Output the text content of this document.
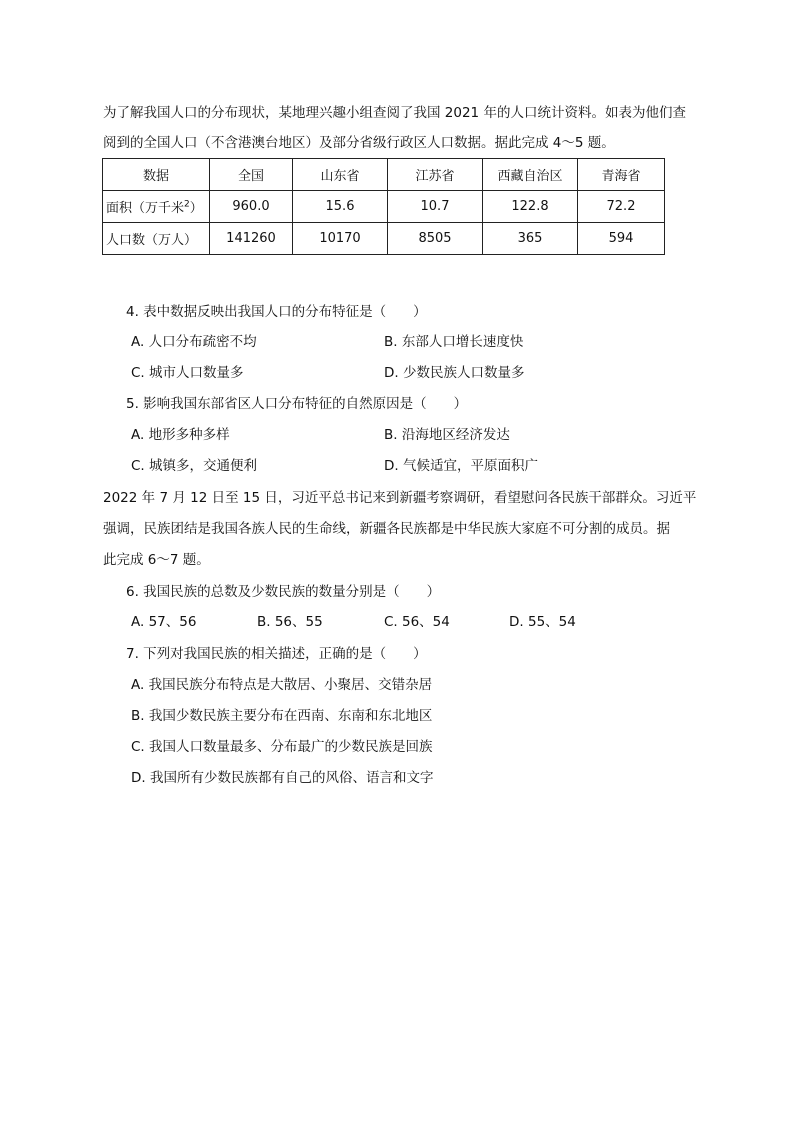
为了解我国人口的分布现状，某地理兴趣小组查阅了我国 2021 年的人口统计资料。如表为他们查
阅到的全国人口（不含港澳台地区）及部分省级行政区人口数据。据此完成 4～5 题。
数据	全国	山东省	江苏省	西藏自治区	青海省
面积（万千米$^2$）	960.0	15.6	10.7	122.8	72.2
人口数（万人）	141260	10170	8505	365	594
4. 表中数据反映出我国人口的分布特征是（　　）
A. 人口分布疏密不均	B. 东部人口增长速度快
C. 城市人口数量多	D. 少数民族人口数量多
5. 影响我国东部省区人口分布特征的自然原因是（　　）
A. 地形多种多样	B. 沿海地区经济发达
C. 城镇多，交通便利	D. 气候适宜，平原面积广
2022 年 7 月 12 日至 15 日，习近平总书记来到新疆考察调研，看望慰问各民族干部群众。习近平
强调，民族团结是我国各族人民的生命线，新疆各民族都是中华民族大家庭不可分割的成员。据
此完成 6～7 题。
6. 我国民族的总数及少数民族的数量分别是（　　）
A. 57、56	B. 56、55	C. 56、54	D. 55、54
7. 下列对我国民族的相关描述，正确的是（　　）
A. 我国民族分布特点是大散居、小聚居、交错杂居
B. 我国少数民族主要分布在西南、东南和东北地区
C. 我国人口数量最多、分布最广的少数民族是回族
D. 我国所有少数民族都有自己的风俗、语言和文字
